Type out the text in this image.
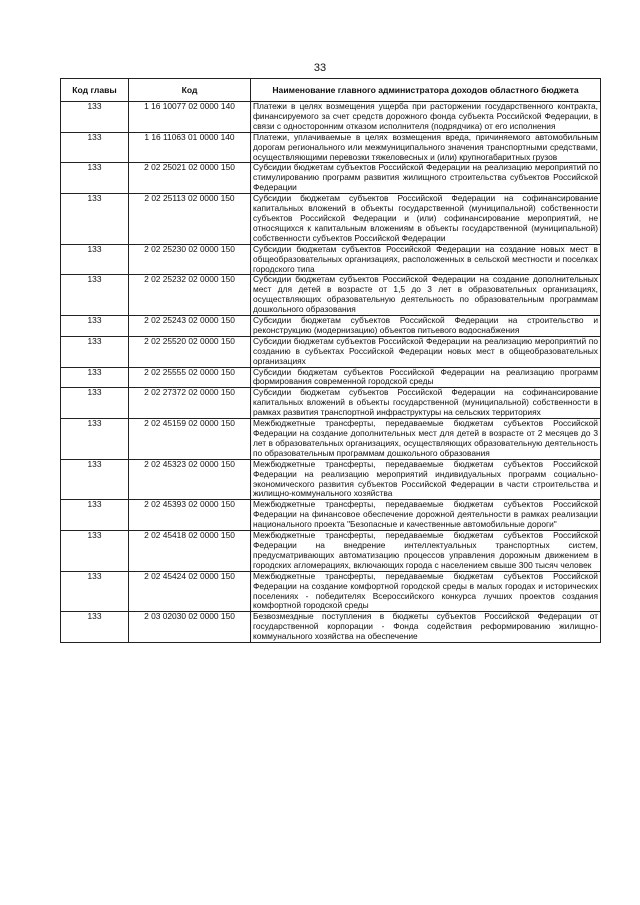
33
Код главы	Код	Наименование главного администратора доходов областного бюджета
133	1 16 10077 02 0000 140	Платежи в целях возмещения ущерба при расторжении государственного контракта, финансируемого за счет средств дорожного фонда субъекта Российской Федерации, в связи с односторонним отказом исполнителя (подрядчика) от его исполнения
133	1 16 11063 01 0000 140	Платежи, уплачиваемые в целях возмещения вреда, причиняемого автомобильным дорогам регионального или межмуниципального значения транспортными средствами, осуществляющими перевозки тяжеловесных и (или) крупногабаритных грузов
133	2 02 25021 02 0000 150	Субсидии бюджетам субъектов Российской Федерации на реализацию мероприятий по стимулированию программ развития жилищного строительства субъектов Российской Федерации
133	2 02 25113 02 0000 150	Субсидии бюджетам субъектов Российской Федерации на софинансирование капитальных вложений в объекты государственной (муниципальной) собственности субъектов Российской Федерации и (или) софинансирование мероприятий, не относящихся к капитальным вложениям в объекты государственной (муниципальной) собственности субъектов Российской Федерации
133	2 02 25230 02 0000 150	Субсидии бюджетам субъектов Российской Федерации на создание новых мест в общеобразовательных организациях, расположенных в сельской местности и поселках городского типа
133	2 02 25232 02 0000 150	Субсидии бюджетам субъектов Российской Федерации на создание дополнительных мест для детей в возрасте от 1,5 до 3 лет в образовательных организациях, осуществляющих образовательную деятельность по образовательным программам дошкольного образования
133	2 02 25243 02 0000 150	Субсидии бюджетам субъектов Российской Федерации на строительство и реконструкцию (модернизацию) объектов питьевого водоснабжения
133	2 02 25520 02 0000 150	Субсидии бюджетам субъектов Российской Федерации на реализацию мероприятий по созданию в субъектах Российской Федерации новых мест в общеобразовательных организациях
133	2 02 25555 02 0000 150	Субсидии бюджетам субъектов Российской Федерации на реализацию программ формирования современной городской среды
133	2 02 27372 02 0000 150	Субсидии бюджетам субъектов Российской Федерации на софинансирование капитальных вложений в объекты государственной (муниципальной) собственности в рамках развития транспортной инфраструктуры на сельских территориях
133	2 02 45159 02 0000 150	Межбюджетные трансферты, передаваемые бюджетам субъектов Российской Федерации на создание дополнительных мест для детей в возрасте от 2 месяцев до 3 лет в образовательных организациях, осуществляющих образовательную деятельность по образовательным программам дошкольного образования
133	2 02 45323 02 0000 150	Межбюджетные трансферты, передаваемые бюджетам субъектов Российской Федерации на реализацию мероприятий индивидуальных программ социально-экономического развития субъектов Российской Федерации в части строительства и жилищно-коммунального хозяйства
133	2 02 45393 02 0000 150	Межбюджетные трансферты, передаваемые бюджетам субъектов Российской Федерации на финансовое обеспечение дорожной деятельности в рамках реализации национального проекта "Безопасные и качественные автомобильные дороги"
133	2 02 45418 02 0000 150	Межбюджетные трансферты, передаваемые бюджетам субъектов Российской Федерации на внедрение интеллектуальных транспортных систем, предусматривающих автоматизацию процессов управления дорожным движением в городских агломерациях, включающих города с населением свыше 300 тысяч человек
133	2 02 45424 02 0000 150	Межбюджетные трансферты, передаваемые бюджетам субъектов Российской Федерации на создание комфортной городской среды в малых городах и исторических поселениях - победителях Всероссийского конкурса лучших проектов создания комфортной городской среды
133	2 03 02030 02 0000 150	Безвозмездные поступления в бюджеты субъектов Российской Федерации от государственной корпорации - Фонда содействия реформированию жилищно-коммунального хозяйства на обеспечение
